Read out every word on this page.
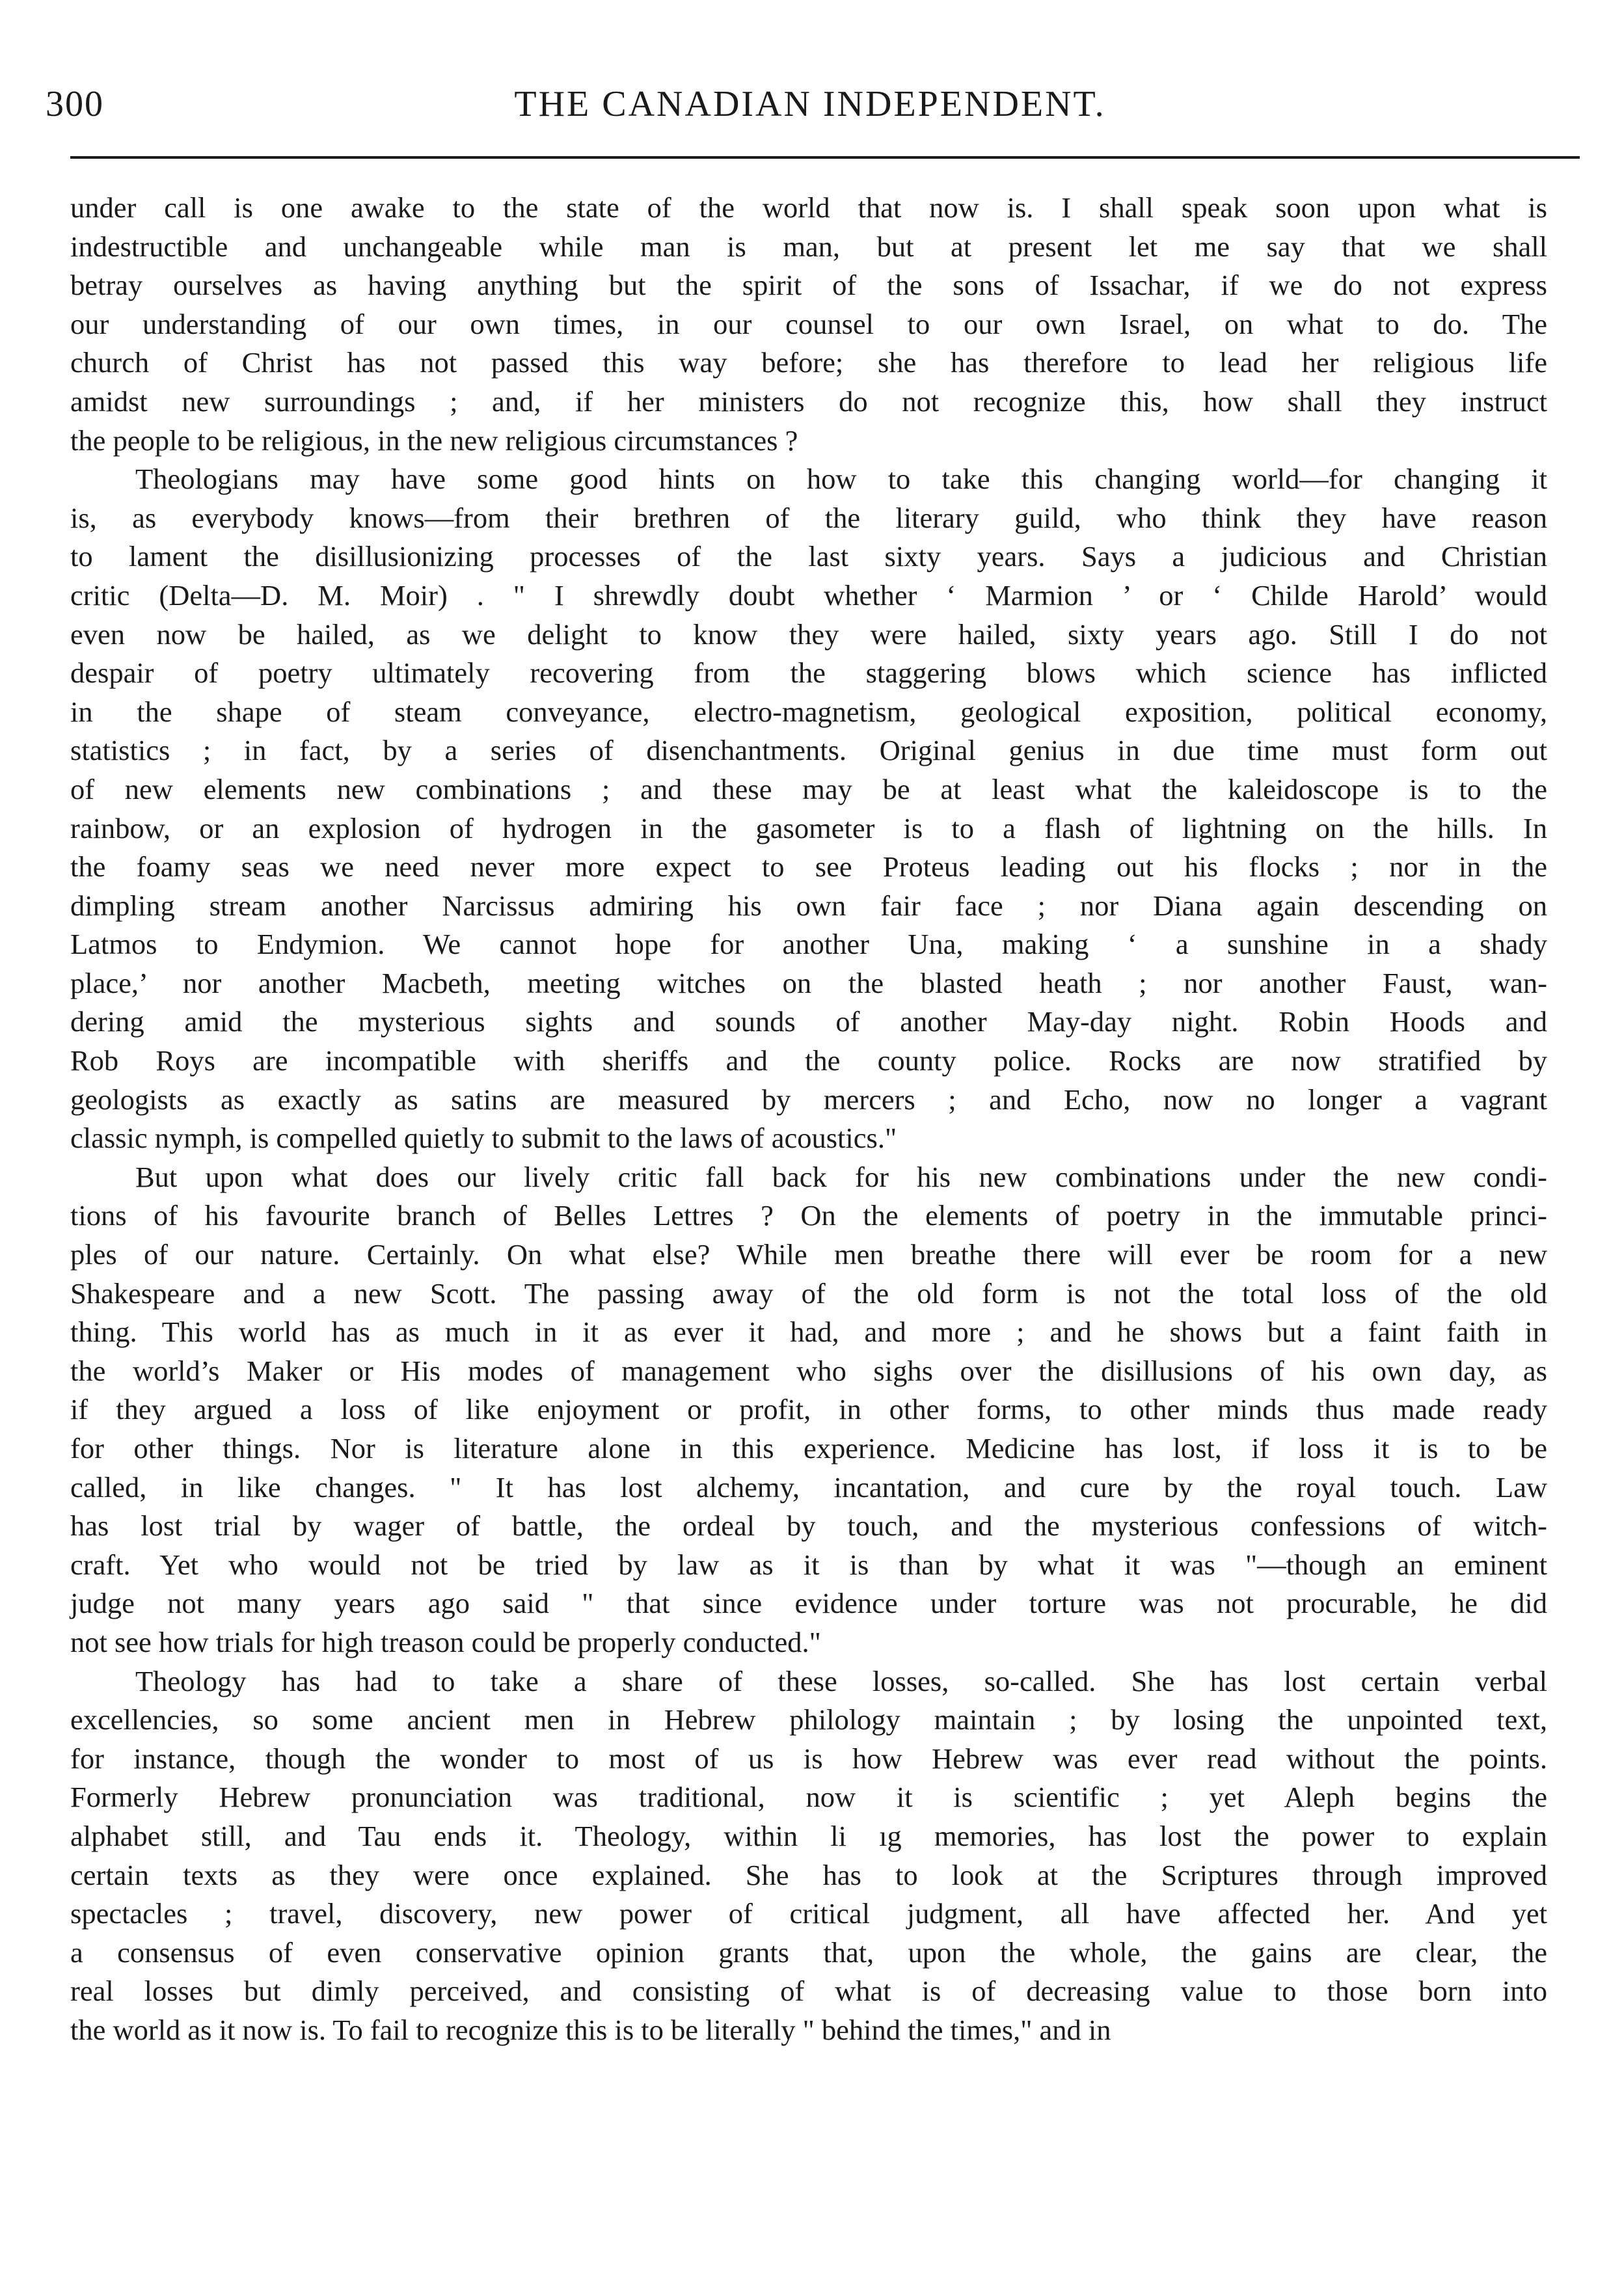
300	THE CANADIAN INDEPENDENT.
under call is one awake to the state of the world that now is. I shall speak soon upon what is
indestructible and unchangeable while man is man, but at present let me say that we shall
betray ourselves as having anything but the spirit of the sons of Issachar, if we do not express
our understanding of our own times, in our counsel to our own Israel, on what to do. The
church of Christ has not passed this way before; she has therefore to lead her religious life
amidst new surroundings ; and, if her ministers do not recognize this, how shall they instruct
the people to be religious, in the new religious circumstances ?
Theologians may have some good hints on how to take this changing world—for changing it
is, as everybody knows—from their brethren of the literary guild, who think they have reason
to lament the disillusionizing processes of the last sixty years. Says a judicious and Christian
critic (Delta—D. M. Moir) . " I shrewdly doubt whether ‘ Marmion ’ or ‘ Childe Harold’ would
even now be hailed, as we delight to know they were hailed, sixty years ago. Still I do not
despair of poetry ultimately recovering from the staggering blows which science has inflicted
in the shape of steam conveyance, electro-magnetism, geological exposition, political economy,
statistics ; in fact, by a series of disenchantments. Original genius in due time must form out
of new elements new combinations ; and these may be at least what the kaleidoscope is to the
rainbow, or an explosion of hydrogen in the gasometer is to a flash of lightning on the hills. In
the foamy seas we need never more expect to see Proteus leading out his flocks ; nor in the
dimpling stream another Narcissus admiring his own fair face ; nor Diana again descending on
Latmos to Endymion. We cannot hope for another Una, making ‘ a sunshine in a shady
place,’ nor another Macbeth, meeting witches on the blasted heath ; nor another Faust, wan-
dering amid the mysterious sights and sounds of another May-day night. Robin Hoods and
Rob Roys are incompatible with sheriffs and the county police. Rocks are now stratified by
geologists as exactly as satins are measured by mercers ; and Echo, now no longer a vagrant
classic nymph, is compelled quietly to submit to the laws of acoustics."
But upon what does our lively critic fall back for his new combinations under the new condi-
tions of his favourite branch of Belles Lettres ? On the elements of poetry in the immutable princi-
ples of our nature. Certainly. On what else? While men breathe there will ever be room for a new
Shakespeare and a new Scott. The passing away of the old form is not the total loss of the old
thing. This world has as much in it as ever it had, and more ; and he shows but a faint faith in
the world’s Maker or His modes of management who sighs over the disillusions of his own day, as
if they argued a loss of like enjoyment or profit, in other forms, to other minds thus made ready
for other things. Nor is literature alone in this experience. Medicine has lost, if loss it is to be
called, in like changes. " It has lost alchemy, incantation, and cure by the royal touch. Law
has lost trial by wager of battle, the ordeal by touch, and the mysterious confessions of witch-
craft. Yet who would not be tried by law as it is than by what it was "—though an eminent
judge not many years ago said " that since evidence under torture was not procurable, he did
not see how trials for high treason could be properly conducted."
Theology has had to take a share of these losses, so-called. She has lost certain verbal
excellencies, so some ancient men in Hebrew philology maintain ; by losing the unpointed text,
for instance, though the wonder to most of us is how Hebrew was ever read without the points.
Formerly Hebrew pronunciation was traditional, now it is scientific ; yet Aleph begins the
alphabet still, and Tau ends it. Theology, within li ıg memories, has lost the power to explain
certain texts as they were once explained. She has to look at the Scriptures through improved
spectacles ; travel, discovery, new power of critical judgment, all have affected her. And yet
a consensus of even conservative opinion grants that, upon the whole, the gains are clear, the
real losses but dimly perceived, and consisting of what is of decreasing value to those born into
the world as it now is. To fail to recognize this is to be literally " behind the times," and in
